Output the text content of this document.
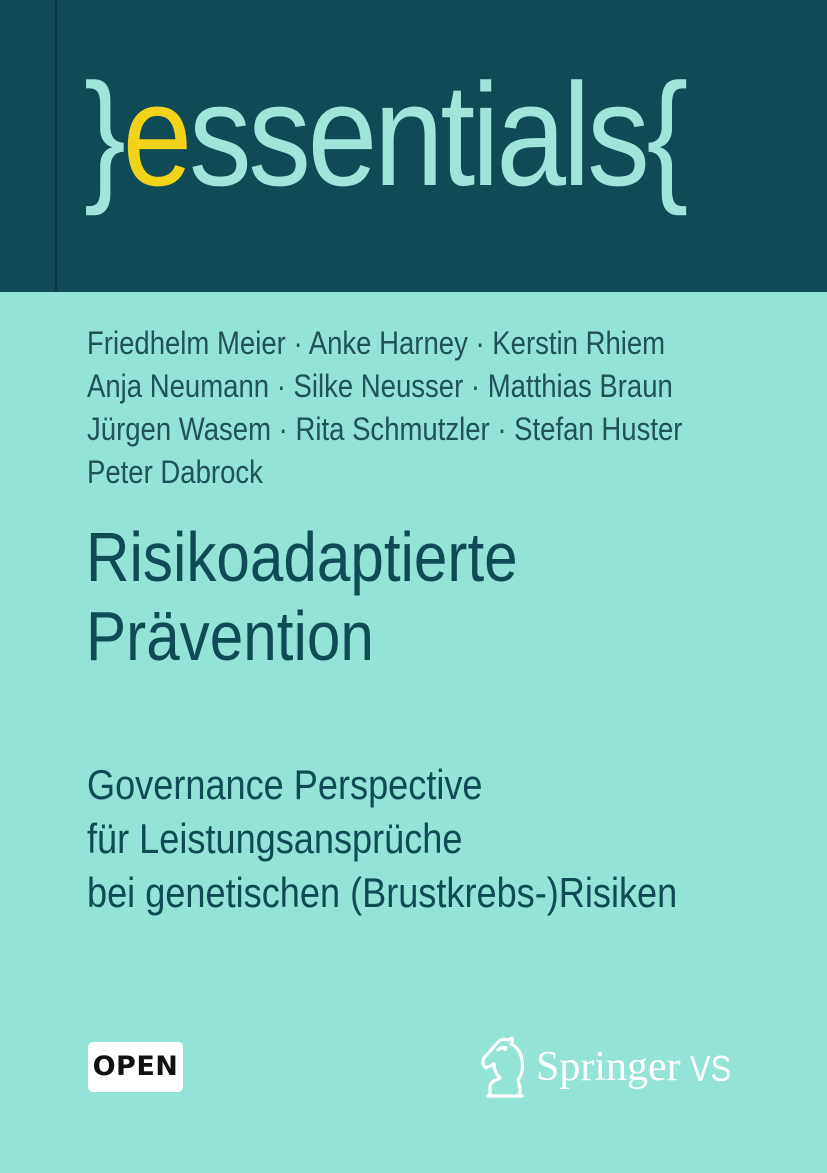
}essentials{
Friedhelm Meier · Anke Harney · Kerstin Rhiem
Anja Neumann · Silke Neusser · Matthias Braun
Jürgen Wasem · Rita Schmutzler · Stefan Huster
Peter Dabrock
Risikoadaptierte
Prävention
Governance Perspective
für Leistungsansprüche
bei genetischen (Brustkrebs-)Risiken
OPEN	Springer VS
